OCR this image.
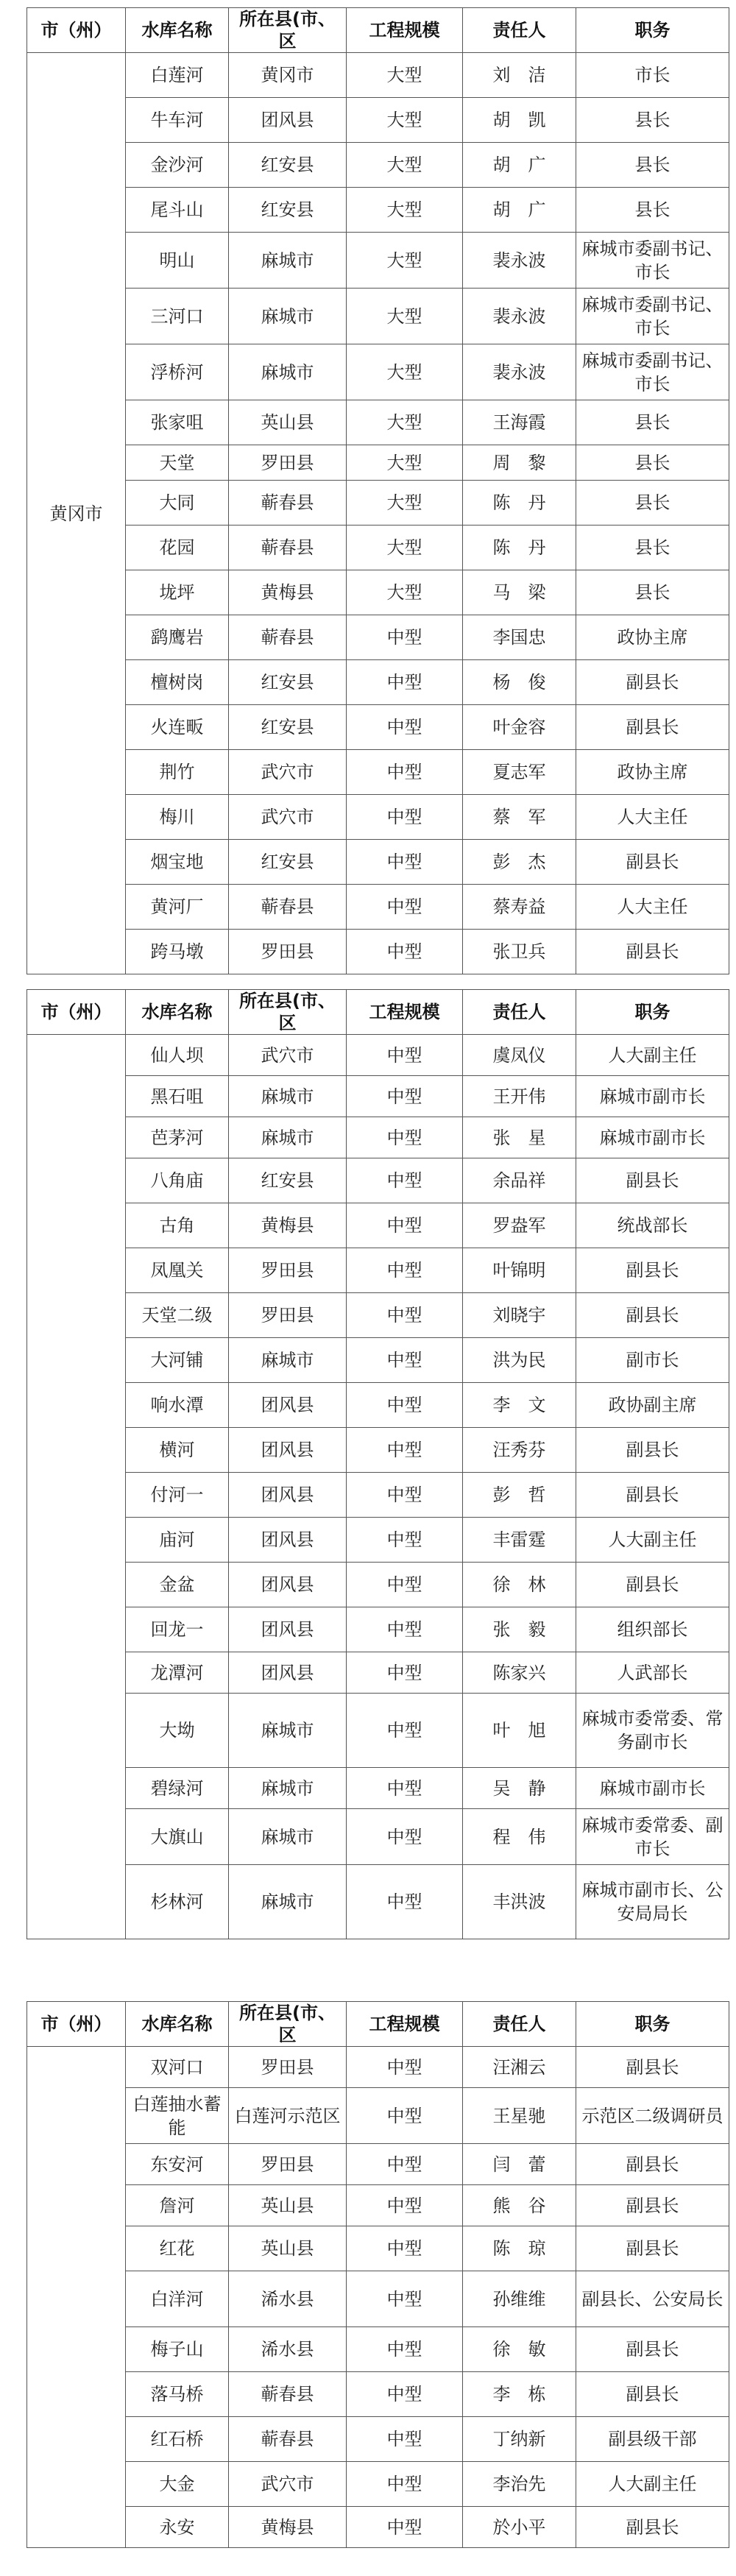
市（州）	水库名称	所在县(市、区	工程规模	责任人	职务
黄冈市	白莲河	黄冈市	大型	刘　洁	市长
	牛车河	团风县	大型	胡　凯	县长
	金沙河	红安县	大型	胡　广	县长
	尾斗山	红安县	大型	胡　广	县长
	明山	麻城市	大型	裴永波	麻城市委副书记、市长
	三河口	麻城市	大型	裴永波	麻城市委副书记、市长
	浮桥河	麻城市	大型	裴永波	麻城市委副书记、市长
	张家咀	英山县	大型	王海霞	县长
	天堂	罗田县	大型	周　黎	县长
	大同	蕲春县	大型	陈　丹	县长
	花园	蕲春县	大型	陈　丹	县长
	垅坪	黄梅县	大型	马　梁	县长
	鹞鹰岩	蕲春县	中型	李国忠	政协主席
	檀树岗	红安县	中型	杨　俊	副县长
	火连畈	红安县	中型	叶金容	副县长
	荆竹	武穴市	中型	夏志军	政协主席
	梅川	武穴市	中型	蔡　军	人大主任
	烟宝地	红安县	中型	彭　杰	副县长
	黄河厂	蕲春县	中型	蔡寿益	人大主任
	跨马墩	罗田县	中型	张卫兵	副县长
市（州）	水库名称	所在县(市、区	工程规模	责任人	职务
	仙人坝	武穴市	中型	虞凤仪	人大副主任
	黑石咀	麻城市	中型	王开伟	麻城市副市长
	芭茅河	麻城市	中型	张　星	麻城市副市长
	八角庙	红安县	中型	余品祥	副县长
	古角	黄梅县	中型	罗盎军	统战部长
	凤凰关	罗田县	中型	叶锦明	副县长
	天堂二级	罗田县	中型	刘晓宇	副县长
	大河铺	麻城市	中型	洪为民	副市长
	响水潭	团风县	中型	李　文	政协副主席
	横河	团风县	中型	汪秀芬	副县长
	付河一	团风县	中型	彭　哲	副县长
	庙河	团风县	中型	丰雷霆	人大副主任
	金盆	团风县	中型	徐　林	副县长
	回龙一	团风县	中型	张　毅	组织部长
	龙潭河	团风县	中型	陈家兴	人武部长
	大坳	麻城市	中型	叶　旭	麻城市委常委、常务副市长
	碧绿河	麻城市	中型	吴　静	麻城市副市长
	大旗山	麻城市	中型	程　伟	麻城市委常委、副市长
	杉林河	麻城市	中型	丰洪波	麻城市副市长、公安局局长
市（州）	水库名称	所在县(市、区	工程规模	责任人	职务
	双河口	罗田县	中型	汪湘云	副县长
	白莲抽水蓄能	白莲河示范区	中型	王星驰	示范区二级调研员
	东安河	罗田县	中型	闫　蕾	副县长
	詹河	英山县	中型	熊　谷	副县长
	红花	英山县	中型	陈　琼	副县长
	白洋河	浠水县	中型	孙维维	副县长、公安局长
	梅子山	浠水县	中型	徐　敏	副县长
	落马桥	蕲春县	中型	李　栋	副县长
	红石桥	蕲春县	中型	丁纳新	副县级干部
	大金	武穴市	中型	李治先	人大副主任
	永安	黄梅县	中型	於小平	副县长
